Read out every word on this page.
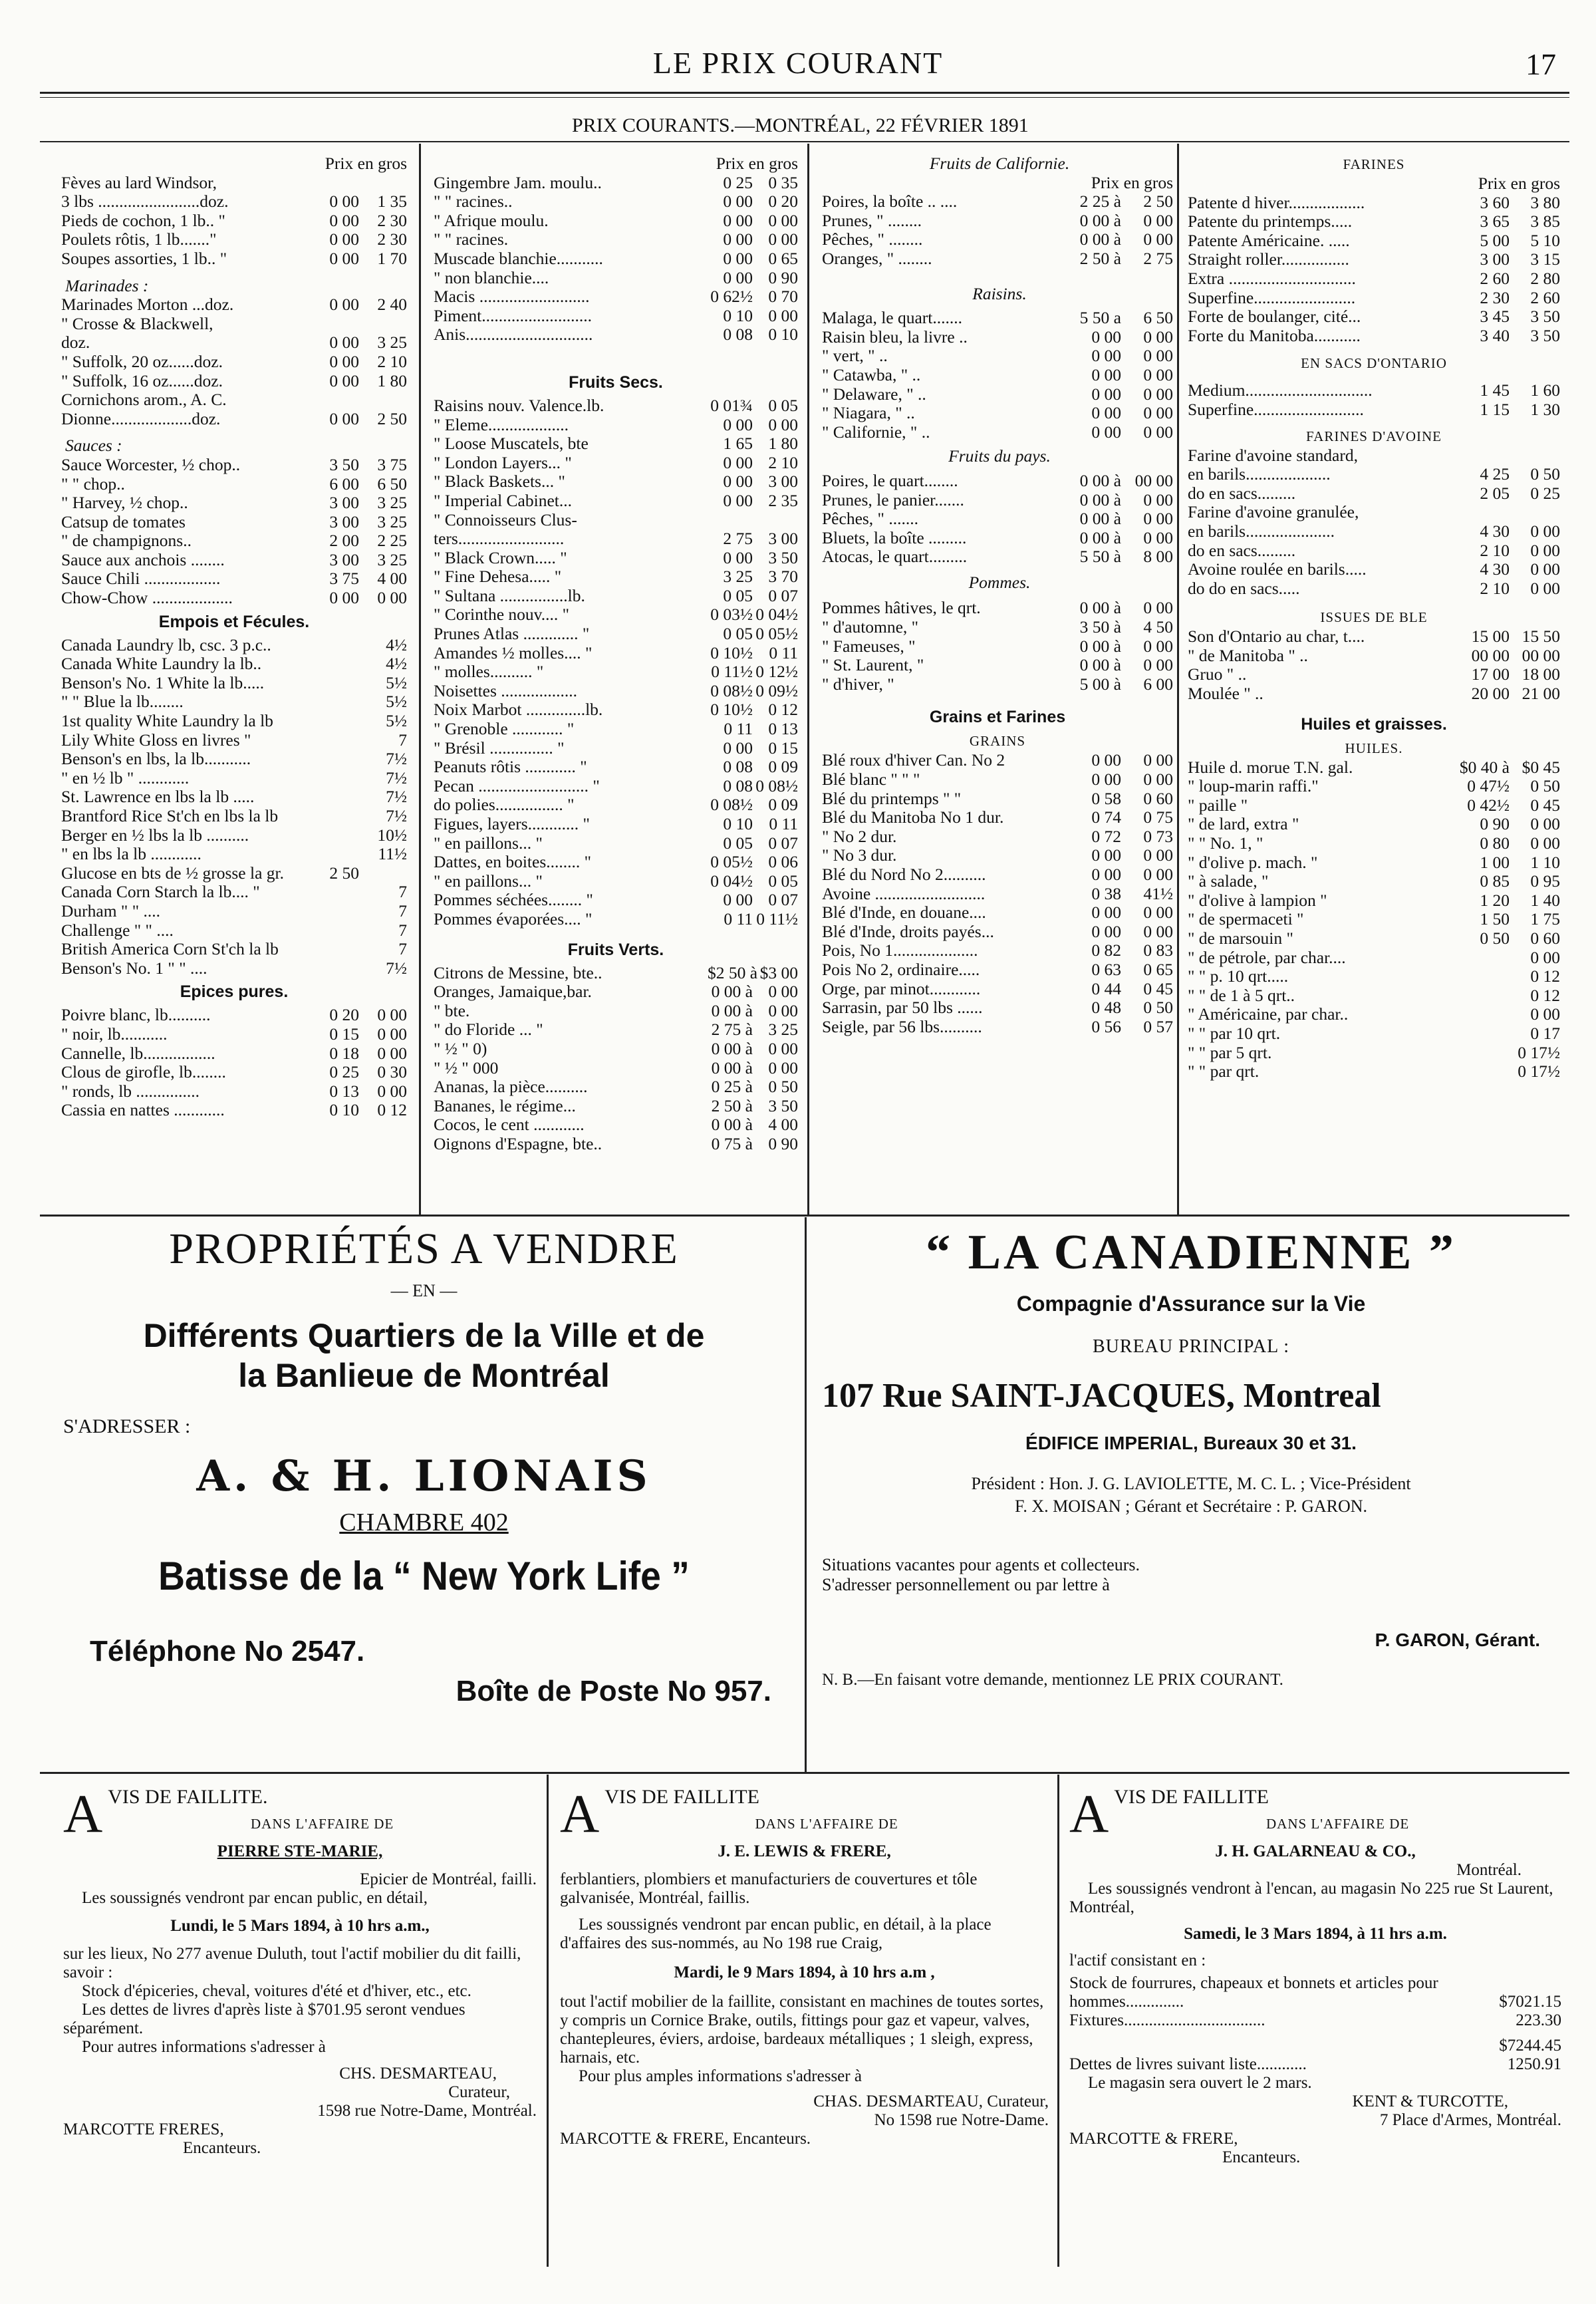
LE PRIX COURANT	17
PRIX COURANTS.—MONTRÉAL, 22 FÉVRIER 1891
Prix en gros
Fèves au lard Windsor,
3 lbs ........................doz.	0 00	1 35
Pieds de cochon, 1 lb.. "	0 00	2 30
Poulets rôtis, 1 lb......."	0 00	2 30
Soupes assorties, 1 lb.. "	0 00	1 70
Marinades :
Marinades Morton ...doz.	0 00	2 40
" Crosse & Blackwell,
doz.	0 00	3 25
" Suffolk, 20 oz......doz.	0 00	2 10
" Suffolk, 16 oz......doz.	0 00	1 80
Cornichons arom., A. C.
Dionne...................doz.	0 00	2 50
Sauces :
Sauce Worcester, ½ chop..	3 50	3 75
" " chop..	6 00	6 50
" Harvey, ½ chop..	3 00	3 25
Catsup de tomates	3 00	3 25
" de champignons..	2 00	2 25
Sauce aux anchois ........	3 00	3 25
Sauce Chili ..................	3 75	4 00
Chow-Chow ...................	0 00	0 00
Empois et Fécules.
Canada Laundry lb, csc. 3 p.c..	4½
Canada White Laundry la lb..	4½
Benson's No. 1 White la lb.....	5½
" " Blue la lb........	5½
1st quality White Laundry la lb	5½
Lily White Gloss en livres "	7
Benson's en lbs, la lb...........	7½
" en ½ lb " ............	7½
St. Lawrence en lbs la lb .....	7½
Brantford Rice St'ch en lbs la lb	7½
Berger en ½ lbs la lb ..........	10½
" en lbs la lb ............	11½
Glucose en bts de ½ grosse la gr.	2 50
Canada Corn Starch la lb.... "	7
Durham " " ....	7
Challenge " " ....	7
British America Corn St'ch la lb	7
Benson's No. 1 " " ....	7½
Epices pures.
Poivre blanc, lb..........	0 20	0 00
" noir, lb...........	0 15	0 00
Cannelle, lb.................	0 18	0 00
Clous de girofle, lb........	0 25	0 30
" ronds, lb ...............	0 13	0 00
Cassia en nattes ............	0 10	0 12
Prix en gros
Gingembre Jam. moulu..	0 25 0 35
" " racines..	0 00 0 20
" Afrique moulu.	0 00 0 00
" " racines.	0 00 0 00
Muscade blanchie...........	0 00 0 65
" non blanchie....	0 00 0 90
Macis ..........................	0 62½ 0 70
Piment..........................	0 10 0 00
Anis..............................	0 08 0 10
Fruits Secs.
Raisins nouv. Valence.lb.	0 01¾ 0 05
" Eleme...................	0 00 0 00
" Loose Muscatels, bte	1 65 1 80
" London Layers... "	0 00 2 10
" Black Baskets... "	0 00 3 00
" Imperial Cabinet...	0 00 2 35
" Connoisseurs Clus-
ters.........................	2 75 3 00
" Black Crown..... "	0 00 3 50
" Fine Dehesa..... "	3 25 3 70
" Sultana ................lb.	0 05 0 07
" Corinthe nouv.... "	0 03½ 0 04½
Prunes Atlas ............. "	0 05 0 05½
Amandes ½ molles.... "	0 10½ 0 11
" molles.......... "	0 11½ 0 12½
Noisettes ..................	0 08½ 0 09½
Noix Marbot ..............lb.	0 10½ 0 12
" Grenoble ............ "	0 11 0 13
" Brésil ............... "	0 00 0 15
Peanuts rôtis ............ "	0 08 0 09
Pecan .......................... "	0 08 0 08½
do polies................ "	0 08½ 0 09
Figues, layers............ "	0 10 0 11
" en paillons... "	0 05 0 07
Dattes, en boites........ "	0 05½ 0 06
" en paillons... "	0 04½ 0 05
Pommes séchées........ "	0 00 0 07
Pommes évaporées.... "	0 11 0 11½
Fruits Verts.
Citrons de Messine, bte..	$2 50 à $3 00
Oranges, Jamaique,bar.	0 00 à 0 00
" bte.	0 00 à 0 00
" do Floride ... "	2 75 à 3 25
" ½ " 0)	0 00 à 0 00
" ½ " 000	0 00 à 0 00
Ananas, la pièce..........	0 25 à 0 50
Bananes, le régime...	2 50 à 3 50
Cocos, le cent ............	0 00 à 4 00
Oignons d'Espagne, bte..	0 75 à 0 90
Fruits de Californie.
Prix en gros
Poires, la boîte .. ....	2 25 à	2 50
Prunes, " ........	0 00 à	0 00
Pêches, " ........	0 00 à	0 00
Oranges, " ........	2 50 à	2 75
Raisins.
Malaga, le quart.......	5 50 a	6 50
Raisin bleu, la livre ..	0 00	0 00
" vert, " ..	0 00	0 00
" Catawba, " ..	0 00	0 00
" Delaware, " ..	0 00	0 00
" Niagara, " ..	0 00	0 00
" Californie, " ..	0 00	0 00
Fruits du pays.
Poires, le quart........	0 00 à 00 00
Prunes, le panier.......	0 00 à	0 00
Pêches, " .......	0 00 à	0 00
Bluets, la boîte .........	0 00 à	0 00
Atocas, le quart.........	5 50 à	8 00
Pommes.
Pommes hâtives, le qrt.	0 00 à	0 00
" d'automne, "	3 50 à	4 50
" Fameuses, "	0 00 à	0 00
" St. Laurent, "	0 00 à	0 00
" d'hiver, "	5 00 à	6 00
Grains et Farines
GRAINS
Blé roux d'hiver Can. No 2	0 00	0 00
Blé blanc " " "	0 00	0 00
Blé du printemps " "	0 58	0 60
Blé du Manitoba No 1 dur.	0 74	0 75
" No 2 dur.	0 72	0 73
" No 3 dur.	0 00	0 00
Blé du Nord No 2..........	0 00	0 00
Avoine ..........................	0 38	41½
Blé d'Inde, en douane....	0 00	0 00
Blé d'Inde, droits payés...	0 00	0 00
Pois, No 1....................	0 82	0 83
Pois No 2, ordinaire.....	0 63	0 65
Orge, par minot............	0 44	0 45
Sarrasin, par 50 lbs ......	0 48	0 50
Seigle, par 56 lbs..........	0 56	0 57
FARINES
Prix en gros
Patente d hiver..................	3 60	3 80
Patente du printemps.....	3 65	3 85
Patente Américaine. .....	5 00	5 10
Straight roller................	3 00	3 15
Extra ..............................	2 60	2 80
Superfine........................	2 30	2 60
Forte de boulanger, cité...	3 45	3 50
Forte du Manitoba...........	3 40	3 50
EN SACS D'ONTARIO
Medium..............................	1 45	1 60
Superfine..........................	1 15	1 30
FARINES D'AVOINE
Farine d'avoine standard,
en barils....................	4 25	0 50
do en sacs.........	2 05	0 25
Farine d'avoine granulée,
en barils.....................	4 30	0 00
do en sacs.........	2 10	0 00
Avoine roulée en barils.....	4 30	0 00
do do en sacs.....	2 10	0 00
ISSUES DE BLE
Son d'Ontario au char, t....	15 00 15 50
" de Manitoba " ..	00 00 00 00
Gruo " ..	17 00 18 00
Moulée " ..	20 00 21 00
Huiles et graisses.
HUILES.
Huile d. morue T.N. gal.	$0 40 à $0 45
" loup-marin raffi."	0 47½	0 50
" paille "	0 42½	0 45
" de lard, extra "	0 90	0 00
" " No. 1, "	0 80	0 00
" d'olive p. mach. "	1 00	1 10
" à salade, "	0 85	0 95
" d'olive à lampion "	1 20	1 40
" de spermaceti "	1 50	1 75
" de marsouin "	0 50	0 60
" de pétrole, par char....	0 00
" " p. 10 qrt.....	0 12
" " de 1 à 5 qrt..	0 12
" Américaine, par char..	0 00
" " par 10 qrt.	0 17
" " par 5 qrt.	0 17½
" " par qrt.	0 17½
PROPRIÉTÉS A VENDRE
— EN —
Différents Quartiers de la Ville et de
la Banlieue de Montréal
S'ADRESSER :
A. & H. LIONAIS
CHAMBRE 402
Batisse de la “ New York Life ”
Téléphone No 2547.
Boîte de Poste No 957.
“ LA CANADIENNE ”
Compagnie d'Assurance sur la Vie
BUREAU PRINCIPAL :
107 Rue SAINT-JACQUES, Montreal
ÉDIFICE IMPERIAL, Bureaux 30 et 31.
Président : Hon. J. G. LAVIOLETTE, M. C. L. ; Vice-Président
F. X. MOISAN ; Gérant et Secrétaire : P. GARON.
Situations vacantes pour agents et collecteurs.
S'adresser personnellement ou par lettre à
P. GARON, Gérant.
N. B.—En faisant votre demande, mentionnez LE PRIX COURANT.
AVIS DE FAILLITE.

DANS L'AFFAIRE DE

PIERRE STE-MARIE,

Epicier de Montréal, failli.

Les soussignés vendront par encan public, en détail,

Lundi, le 5 Mars 1894, à 10 hrs a.m.,

sur les lieux, No 277 avenue Duluth, tout l'actif mobilier du dit failli, savoir :

Stock d'épiceries, cheval, voitures d'été et d'hiver, etc., etc.

Les dettes de livres d'après liste à $701.95 seront vendues séparément.

Pour autres informations s'adresser à

CHS. DESMARTEAU,

Curateur,

1598 rue Notre-Dame, Montréal.

MARCOTTE FRERES,

Encanteurs.

AVIS DE FAILLITE

DANS L'AFFAIRE DE

J. E. LEWIS & FRERE,

ferblantiers, plombiers et manufacturiers de couvertures et tôle galvanisée, Montréal, faillis.

Les soussignés vendront par encan public, en détail, à la place d'affaires des sus-nommés, au No 198 rue Craig,

Mardi, le 9 Mars 1894, à 10 hrs a.m ,

tout l'actif mobilier de la faillite, consistant en machines de toutes sortes, y compris un Cornice Brake, outils, fittings pour gaz et vapeur, valves, chantepleures, éviers, ardoise, bardeaux métalliques ; 1 sleigh, express, harnais, etc.

Pour plus amples informations s'adresser à

CHAS. DESMARTEAU, Curateur,

No 1598 rue Notre-Dame.

MARCOTTE & FRERE, Encanteurs.

AVIS DE FAILLITE

DANS L'AFFAIRE DE

J. H. GALARNEAU & CO.,

Montréal.

Les soussignés vendront à l'encan, au magasin No 225 rue St Laurent, Montréal,

Samedi, le 3 Mars 1894, à 11 hrs a.m.

l'actif consistant en :

Stock de fourrures, chapeaux et bonnets et articles pour hommes..............	$7021.15
Fixtures..................................	223.30
$7244.45
Dettes de livres suivant liste............	1250.91

Le magasin sera ouvert le 2 mars.

KENT & TURCOTTE,

7 Place d'Armes, Montréal.

MARCOTTE & FRERE,

Encanteurs.
